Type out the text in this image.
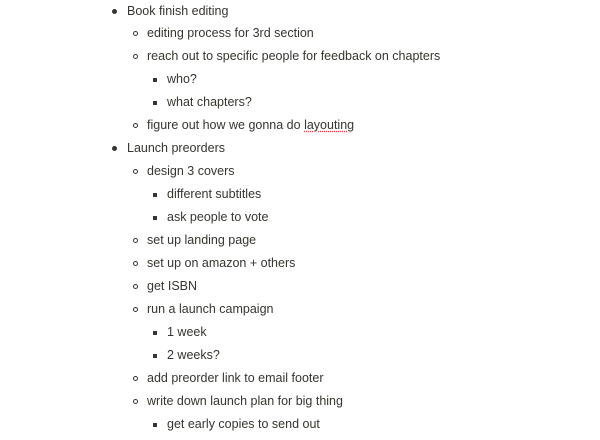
Book finish editing
editing process for 3rd section
reach out to specific people for feedback on chapters
who?
what chapters?
figure out how we gonna do layouting
Launch preorders
design 3 covers
different subtitles
ask people to vote
set up landing page
set up on amazon + others
get ISBN
run a launch campaign
1 week
2 weeks?
add preorder link to email footer
write down launch plan for big thing
get early copies to send out
